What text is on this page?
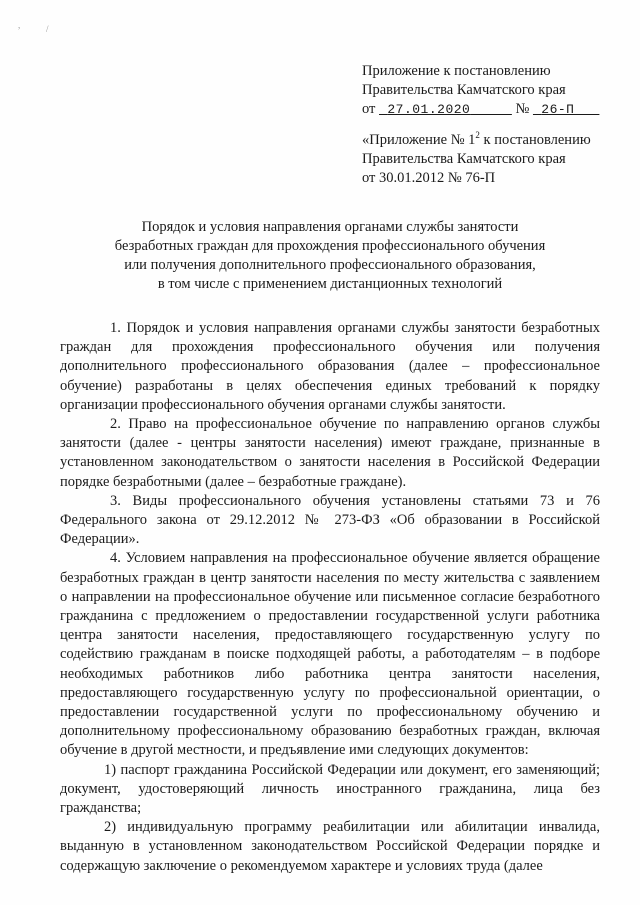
,	/
Приложение к постановлению
Правительства Камчатского края
от 27.01.2020	№ 26-П
«Приложение № $1^2$ к постановлению
Правительства Камчатского края
от 30.01.2012 № 76-П
Порядок и условия направления органами службы занятости
безработных граждан для прохождения профессионального обучения
или получения дополнительного профессионального образования,
в том числе с применением дистанционных технологий

1. Порядок и условия направления органами службы занятости безработных граждан для прохождения профессионального обучения или получения дополнительного профессионального образования (далее – профессиональное обучение) разработаны в целях обеспечения единых требований к порядку организации профессионального обучения органами службы занятости.

2. Право на профессиональное обучение по направлению органов службы занятости (далее - центры занятости населения) имеют граждане, признанные в установленном законодательством о занятости населения в Российской Федерации порядке безработными (далее – безработные граждане).

3. Виды профессионального обучения установлены статьями 73 и 76 Федерального закона от 29.12.2012 № 273-ФЗ «Об образовании в Российской Федерации».

4. Условием направления на профессиональное обучение является обращение безработных граждан в центр занятости населения по месту жительства с заявлением о направлении на профессиональное обучение или письменное согласие безработного гражданина с предложением о предоставлении государственной услуги работника центра занятости населения, предоставляющего государственную услугу по содействию гражданам в поиске подходящей работы, а работодателям – в подборе необходимых работников либо работника центра занятости населения, предоставляющего государственную услугу по профессиональной ориентации, о предоставлении государственной услуги по профессиональному обучению и дополнительному профессиональному образованию безработных граждан, включая обучение в другой местности, и предъявление ими следующих документов:

1) паспорт гражданина Российской Федерации или документ, его заменяющий; документ, удостоверяющий личность иностранного гражданина, лица без гражданства;

2) индивидуальную программу реабилитации или абилитации инвалида, выданную в установленном законодательством Российской Федерации порядке и содержащую заключение о рекомендуемом характере и условиях труда (далее
